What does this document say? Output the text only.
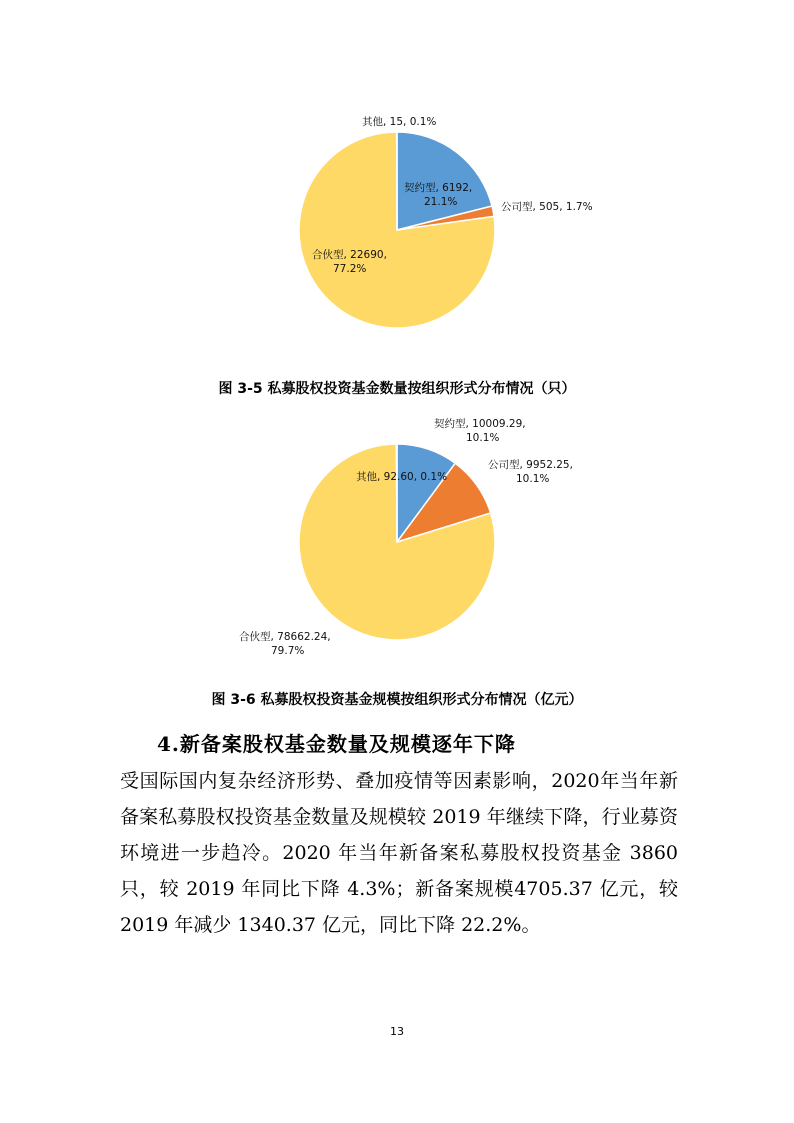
契约型, 6192,
21.1%	公司型, 505, 1.7%
合伙型, 22690,
77.2%
其他, 15, 0.1%
图 3-5 私募股权投资基金数量按组织形式分布情况（只）
契约型, 10009.29,
10.1%
公司型, 9952.25,
10.1%
合伙型, 78662.24,
79.7%
其他, 92.60, 0.1%
图 3-6 私募股权投资基金规模按组织形式分布情况（亿元）
4.新备案股权基金数量及规模逐年下降
受国际国内复杂经济形势、叠加疫情等因素影响，2020年当年新备案私募股权投资基金数量及规模较 2019 年继续下降，行业募资环境进一步趋冷。2020 年当年新备案私募股权投资基金 3860 只，较 2019 年同比下降 4.3%；新备案规模4705.37 亿元，较 2019 年减少 1340.37 亿元，同比下降 22.2%。
13
